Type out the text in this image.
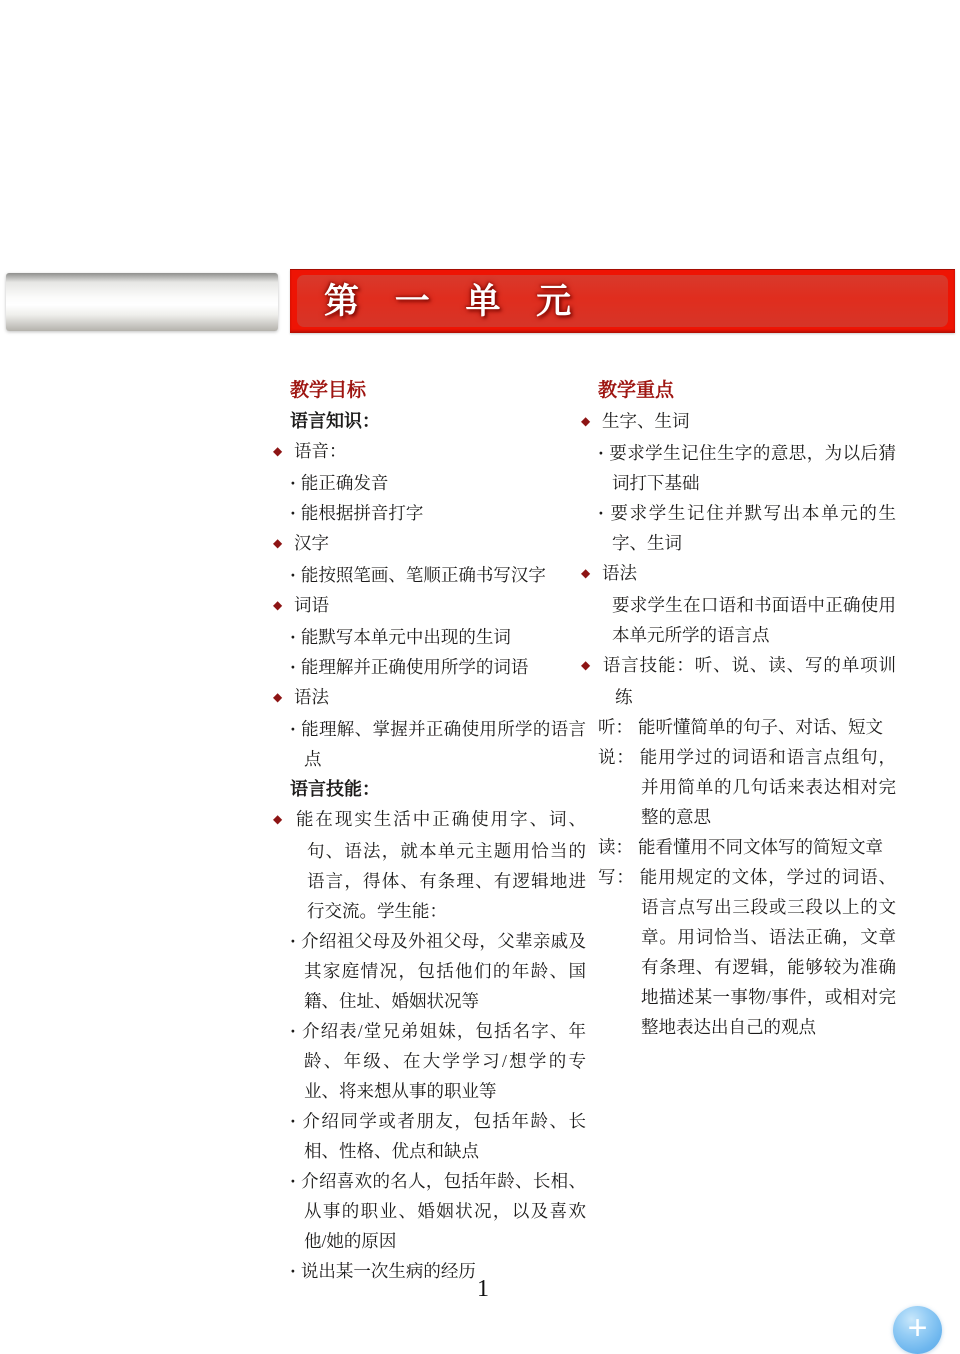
第 一 单 元
教学目标
语言知识：
◆ 语音：
· 能正确发音
· 能根据拼音打字
◆ 汉字
· 能按照笔画、笔顺正确书写汉字
◆ 词语
· 能默写本单元中出现的生词
· 能理解并正确使用所学的词语
◆ 语法
· 能理解、掌握并正确使用所学的语言点
语言技能：
◆ 能在现实生活中正确使用字、词、句、语法，就本单元主题用恰当的语言，得体、有条理、有逻辑地进行交流。学生能：
· 介绍祖父母及外祖父母，父辈亲戚及其家庭情况，包括他们的年龄、国籍、住址、婚姻状况等
· 介绍表/堂兄弟姐妹，包括名字、年龄、年级、在大学学习/想学的专业、将来想从事的职业等
· 介绍同学或者朋友，包括年龄、长相、性格、优点和缺点
· 介绍喜欢的名人，包括年龄、长相、从事的职业、婚姻状况，以及喜欢他/她的原因
· 说出某一次生病的经历
教学重点
◆ 生字、生词
· 要求学生记住生字的意思，为以后猜词打下基础
· 要求学生记住并默写出本单元的生字、生词
◆ 语法
要求学生在口语和书面语中正确使用本单元所学的语言点
◆ 语言技能：听、说、读、写的单项训练
听： 能听懂简单的句子、对话、短文
说： 能用学过的词语和语言点组句，并用简单的几句话来表达相对完整的意思
读： 能看懂用不同文体写的简短文章
写： 能用规定的文体，学过的词语、语言点写出三段或三段以上的文章。用词恰当、语法正确，文章有条理、有逻辑，能够较为准确地描述某一事物/事件，或相对完整地表达出自己的观点
1
+
